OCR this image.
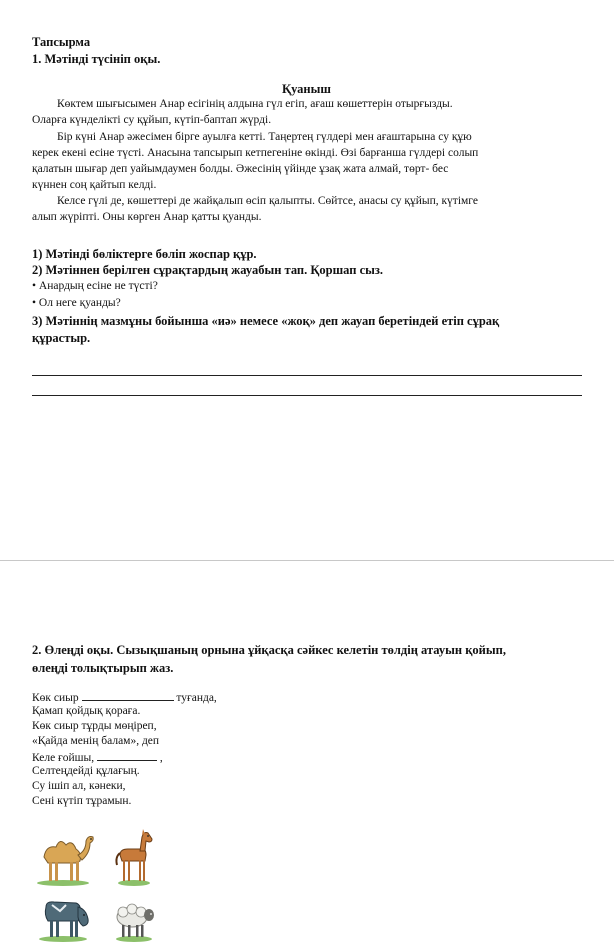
Тапсырма
1. Мәтінді түсініп оқы.
Қуаныш
Көктем шығысымен Анар есігінің алдына гүл егіп, ағаш көшеттерін отырғызды.
Оларға күнделікті су құйып, күтіп-баптап жүрді.
Бір күні Анар әжесімен бірге ауылға кетті. Таңертең гүлдері мен ағаштарына су құю
керек екені есіне түсті. Анасына тапсырып кетпегеніне өкінді. Өзі барғанша гүлдері солып
қалатын шығар деп уайымдаумен болды. Әжесінің үйінде ұзақ жата алмай, төрт- бес
күннен соң қайтып келді.
Келсе гүлі де, көшеттері де жайқалып өсіп қалыпты. Сөйтсе, анасы су құйып, күтімге
алып жүріпті. Оны көрген Анар қатты қуанды.
1) Мәтінді бөліктерге бөліп жоспар құр.
2) Мәтіннен берілген сұрақтардың жауабын тап. Қоршап сыз.
• Анардың есіне не түсті?
• Ол неге қуанды?
3) Мәтіннің мазмұны бойынша «иә» немесе «жоқ» деп жауап беретіндей етіп сұрақ
құрастыр.
2. Өлеңді оқы. Сызықшаның орнына ұйқасқа сәйкес келетін төлдің атауын қойып,
өлеңді толықтырып жаз.
Көк сиыр	туғанда,
Қамап қойдық қораға.
Көк сиыр тұрды мөңіреп,
«Қайда менің балам», деп
Келе ғойшы,	,
Селтеңдейді құлағың.
Су ішіп ал, кәнеки,
Сені күтіп тұрамын.
